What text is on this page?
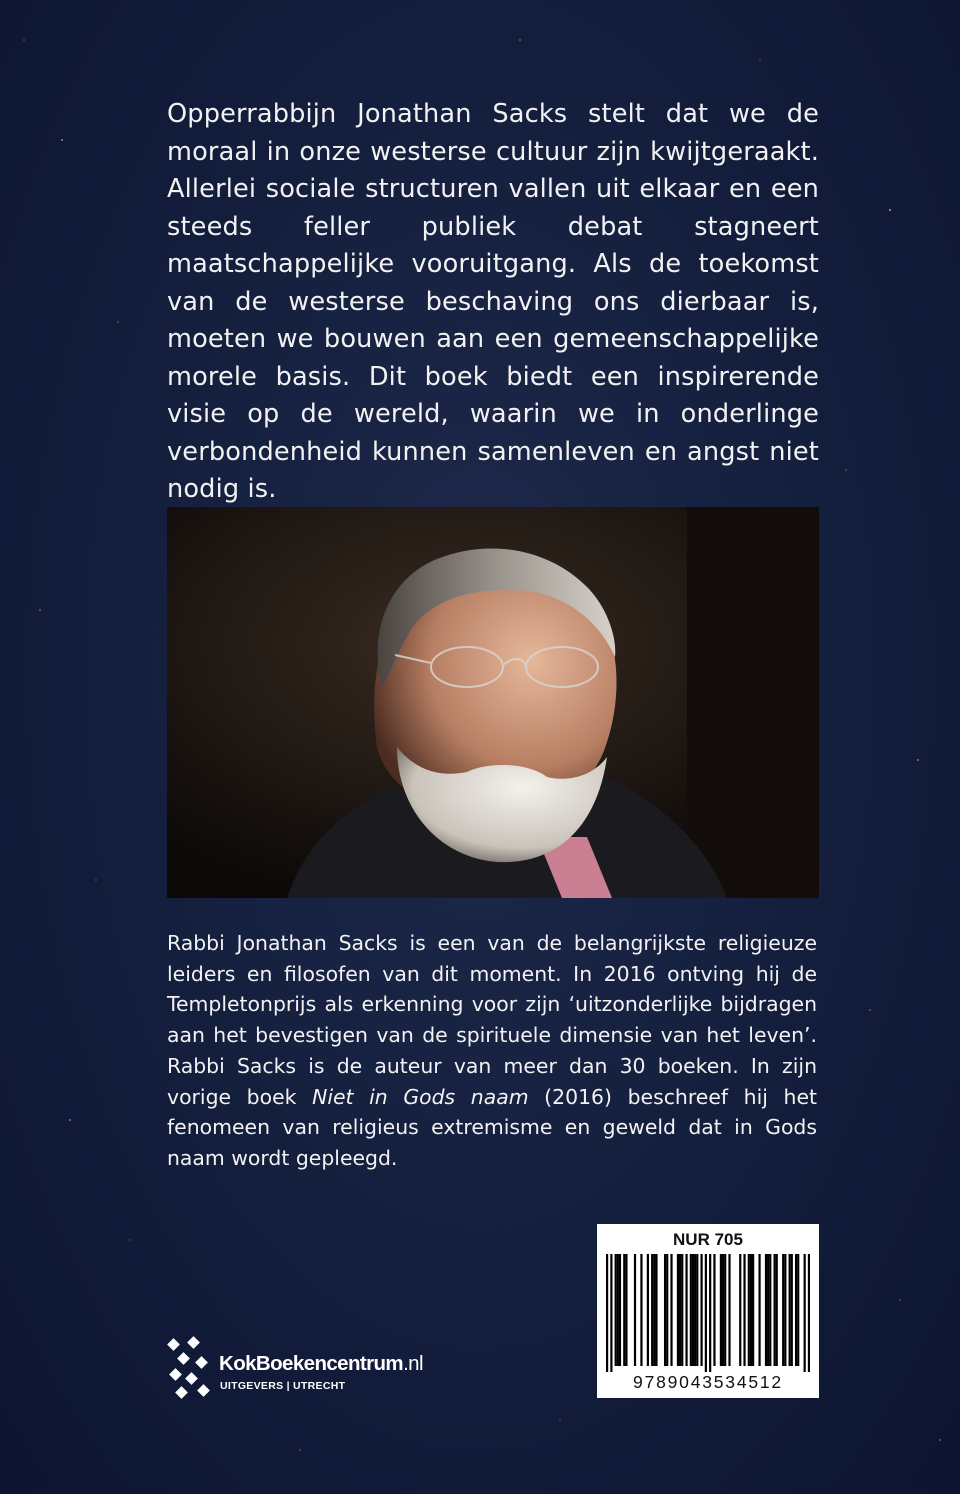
Opperrabbijn Jonathan Sacks stelt dat we de moraal in onze westerse cultuur zijn kwijtgeraakt. Allerlei sociale structuren vallen uit elkaar en een steeds feller publiek debat stagneert maatschappelijke vooruitgang. Als de toekomst van de westerse beschaving ons dierbaar is, moeten we bouwen aan een gemeenschappelijke morele basis. Dit boek biedt een inspirerende visie op de wereld, waarin we in onderlinge verbondenheid kunnen samenleven en angst niet nodig is.

Rabbi Jonathan Sacks is een van de belangrijkste religieuze leiders en filosofen van dit moment. In 2016 ontving hij de Templetonprijs als erkenning voor zijn ‘uitzonderlijke bijdragen aan het bevestigen van de spirituele dimensie van het leven’. Rabbi Sacks is de auteur van meer dan 30 boeken. In zijn vorige boek Niet in Gods naam (2016) beschreef hij het fenomeen van religieus extremisme en geweld dat in Gods naam wordt gepleegd.

NUR 705
9789043534512
KokBoekencentrum.nl
UITGEVERS | UTRECHT
